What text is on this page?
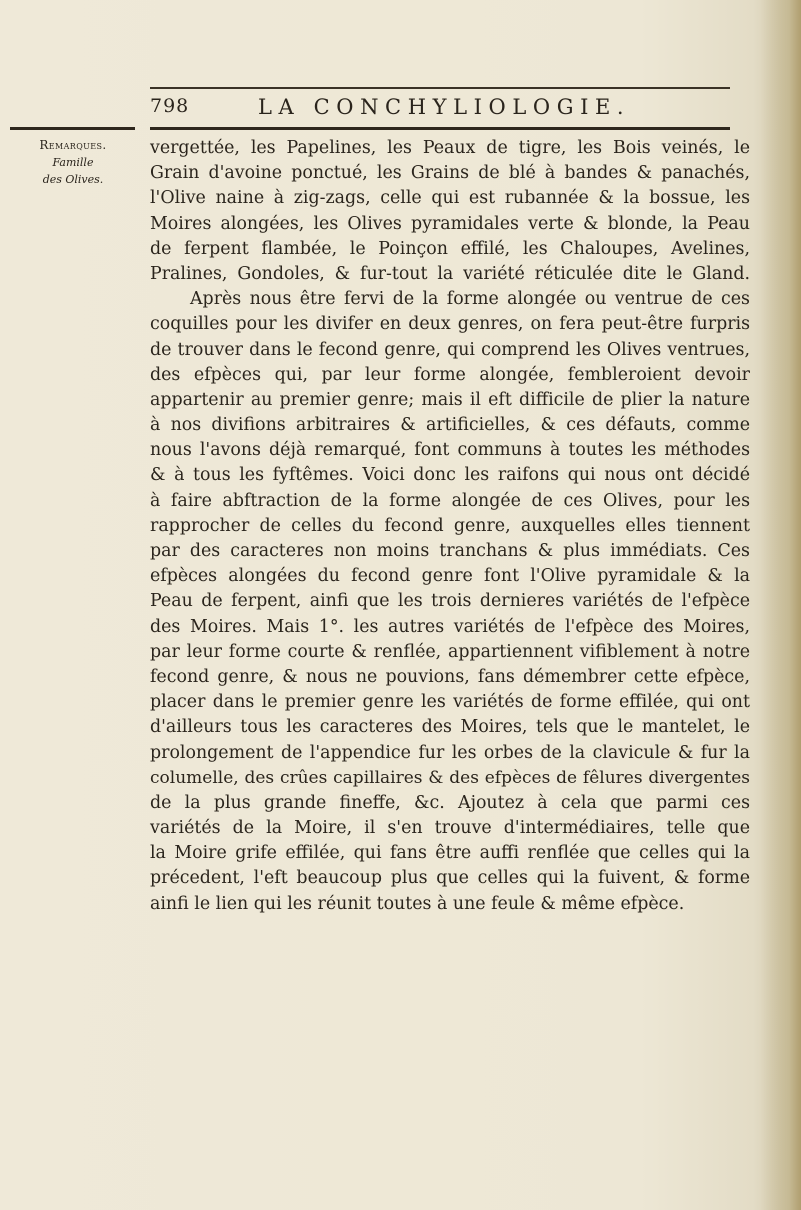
798	LA CONCHYLIOLOGIE.
Remarques.
Famille
des Olives.
vergettée, les Papelines, les Peaux de tigre, les Bois veinés, le
Grain d'avoine ponctué, les Grains de blé à bandes & panachés,
l'Olive naine à zig-zags, celle qui est rubannée & la bossue, les
Moires alongées, les Olives pyramidales verte & blonde, la Peau
de ferpent flambée, le Poinçon effilé, les Chaloupes, Avelines,
Pralines, Gondoles, & fur-tout la variété réticulée dite le Gland.
Après nous être fervi de la forme alongée ou ventrue de ces
coquilles pour les divifer en deux genres, on fera peut-être furpris
de trouver dans le fecond genre, qui comprend les Olives ventrues,
des efpèces qui, par leur forme alongée, fembleroient devoir
appartenir au premier genre; mais il eft difficile de plier la nature
à nos divifions arbitraires & artificielles, & ces défauts, comme
nous l'avons déjà remarqué, font communs à toutes les méthodes
& à tous les fyftêmes. Voici donc les raifons qui nous ont décidé
à faire abftraction de la forme alongée de ces Olives, pour les
rapprocher de celles du fecond genre, auxquelles elles tiennent
par des caracteres non moins tranchans & plus immédiats. Ces
efpèces alongées du fecond genre font l'Olive pyramidale & la
Peau de ferpent, ainfi que les trois dernieres variétés de l'efpèce
des Moires. Mais 1°. les autres variétés de l'efpèce des Moires,
par leur forme courte & renflée, appartiennent vifiblement à notre
fecond genre, & nous ne pouvions, fans démembrer cette efpèce,
placer dans le premier genre les variétés de forme effilée, qui ont
d'ailleurs tous les caracteres des Moires, tels que le mantelet, le
prolongement de l'appendice fur les orbes de la clavicule & fur la
columelle, des crûes capillaires & des efpèces de fêlures divergentes
de la plus grande fineffe, &c. Ajoutez à cela que parmi ces
variétés de la Moire, il s'en trouve d'intermédiaires, telle que
la Moire grife effilée, qui fans être auffi renflée que celles qui la
précedent, l'eft beaucoup plus que celles qui la fuivent, & forme
ainfi le lien qui les réunit toutes à une feule & même efpèce.
